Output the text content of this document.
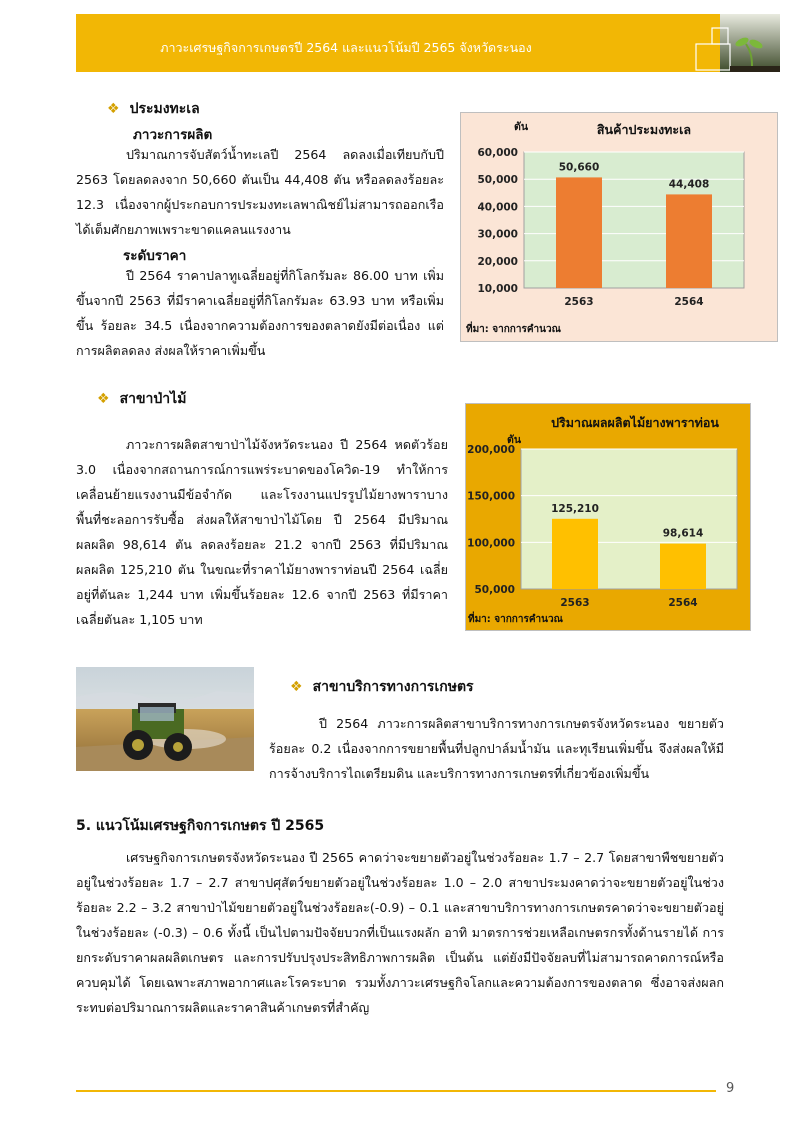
ภาวะเศรษฐกิจการเกษตรปี 2564 และแนวโน้มปี 2565 จังหวัดระนอง
❖ ประมงทะเล
ภาวะการผลิต

ปริมาณการจับสัตว์น้ำทะเลปี 2564 ลดลงเมื่อเทียบกับปี 2563 โดยลดลงจาก 50,660 ตันเป็น 44,408 ตัน หรือลดลงร้อยละ 12.3 เนื่องจากผู้ประกอบการประมงทะเลพาณิชย์ไม่สามารถออกเรือได้เต็มศักยภาพเพราะขาดแคลนแรงงาน

ระดับราคา

ปี 2564 ราคาปลาทูเฉลี่ยอยู่ที่กิโลกรัมละ 86.00 บาท เพิ่มขึ้นจากปี 2563 ที่มีราคาเฉลี่ยอยู่ที่กิโลกรัมละ 63.93 บาท หรือเพิ่มขึ้น ร้อยละ 34.5 เนื่องจากความต้องการของตลาดยังมีต่อเนื่อง แต่การผลิตลดลง ส่งผลให้ราคาเพิ่มขึ้น

10,000
20,000
30,000
40,000
50,000
60,000
50,660
2563
44,408
2564
สินค้าประมงทะเล
ตัน
ที่มา: จากการคำนวณ
❖ สาขาป่าไม้

ภาวะการผลิตสาขาป่าไม้จังหวัดระนอง ปี 2564 หดตัวร้อย 3.0 เนื่องจากสถานการณ์การแพร่ระบาดของโควิด-19 ทำให้การเคลื่อนย้ายแรงงานมีข้อจำกัด และโรงงานแปรรูปไม้ยางพาราบางพื้นที่ชะลอการรับซื้อ ส่งผลให้สาขาป่าไม้โดย ปี 2564 มีปริมาณผลผลิต 98,614 ตัน ลดลงร้อยละ 21.2 จากปี 2563 ที่มีปริมาณผลผลิต 125,210 ตัน ในขณะที่ราคาไม้ยางพาราท่อนปี 2564 เฉลี่ยอยู่ที่ตันละ 1,244 บาท เพิ่มขึ้นร้อยละ 12.6 จากปี 2563 ที่มีราคาเฉลี่ยตันละ 1,105 บาท

50,000
100,000
150,000
200,000
125,210
2563
98,614
2564
ปริมาณผลผลิตไม้ยางพาราท่อน
ตัน
ที่มา: จากการคำนวณ
❖ สาขาบริการทางการเกษตร

ปี 2564 ภาวะการผลิตสาขาบริการทางการเกษตรจังหวัดระนอง ขยายตัวร้อยละ 0.2 เนื่องจากการขยายพื้นที่ปลูกปาล์มน้ำมัน และทุเรียนเพิ่มขึ้น จึงส่งผลให้มีการจ้างบริการไถเตรียมดิน และบริการทางการเกษตรที่เกี่ยวข้องเพิ่มขึ้น

5. แนวโน้มเศรษฐกิจการเกษตร ปี 2565

เศรษฐกิจการเกษตรจังหวัดระนอง ปี 2565 คาดว่าจะขยายตัวอยู่ในช่วงร้อยละ 1.7 – 2.7 โดยสาขาพืชขยายตัวอยู่ในช่วงร้อยละ 1.7 – 2.7 สาขาปศุสัตว์ขยายตัวอยู่ในช่วงร้อยละ 1.0 – 2.0 สาขาประมงคาดว่าจะขยายตัวอยู่ในช่วงร้อยละ 2.2 – 3.2 สาขาป่าไม้ขยายตัวอยู่ในช่วงร้อยละ(-0.9) – 0.1 และสาขาบริการทางการเกษตรคาดว่าจะขยายตัวอยู่ในช่วงร้อยละ (-0.3) – 0.6 ทั้งนี้ เป็นไปตามปัจจัยบวกที่เป็นแรงผลัก อาทิ มาตรการช่วยเหลือเกษตรกรทั้งด้านรายได้ การยกระดับราคาผลผลิตเกษตร และการปรับปรุงประสิทธิภาพการผลิต เป็นต้น แต่ยังมีปัจจัยลบที่ไม่สามารถคาดการณ์หรือควบคุมได้ โดยเฉพาะสภาพอากาศและโรคระบาด รวมทั้งภาวะเศรษฐกิจโลกและความต้องการของตลาด ซึ่งอาจส่งผลกระทบต่อปริมาณการผลิตและราคาสินค้าเกษตรที่สำคัญ

9
